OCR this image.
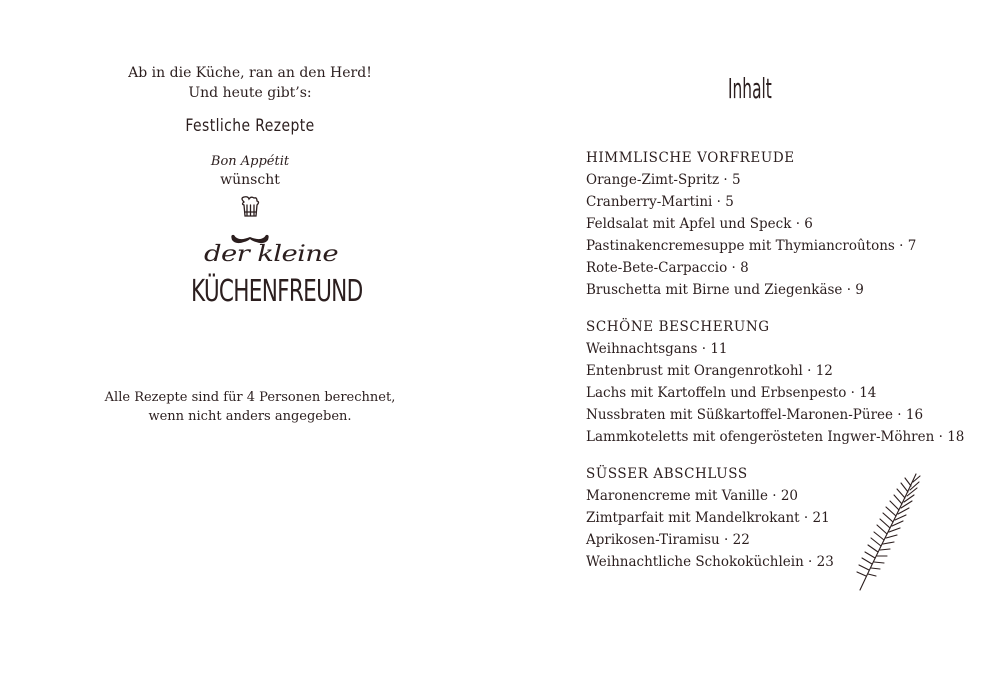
Ab in die Küche, ran an den Herd!
Und heute gibt’s:
Festliche Rezepte
Bon Appétit
wünscht
der kleine
KÜCHENFREUND
Alle Rezepte sind für 4 Personen berechnet,
wenn nicht anders angegeben.
Inhalt
HIMMLISCHE VORFREUDE
Orange-Zimt-Spritz · 5
Cranberry-Martini · 5
Feldsalat mit Apfel und Speck · 6
Pastinakencremesuppe mit Thymiancroûtons · 7
Rote-Bete-Carpaccio · 8
Bruschetta mit Birne und Ziegenkäse · 9
SCHÖNE BESCHERUNG
Weihnachtsgans · 11
Entenbrust mit Orangenrotkohl · 12
Lachs mit Kartoffeln und Erbsenpesto · 14
Nussbraten mit Süßkartoffel-Maronen-Püree · 16
Lammkoteletts mit ofengerösteten Ingwer-Möhren · 18
SÜSSER ABSCHLUSS
Maronencreme mit Vanille · 20
Zimtparfait mit Mandelkrokant · 21
Aprikosen-Tiramisu · 22
Weihnachtliche Schokoküchlein · 23
